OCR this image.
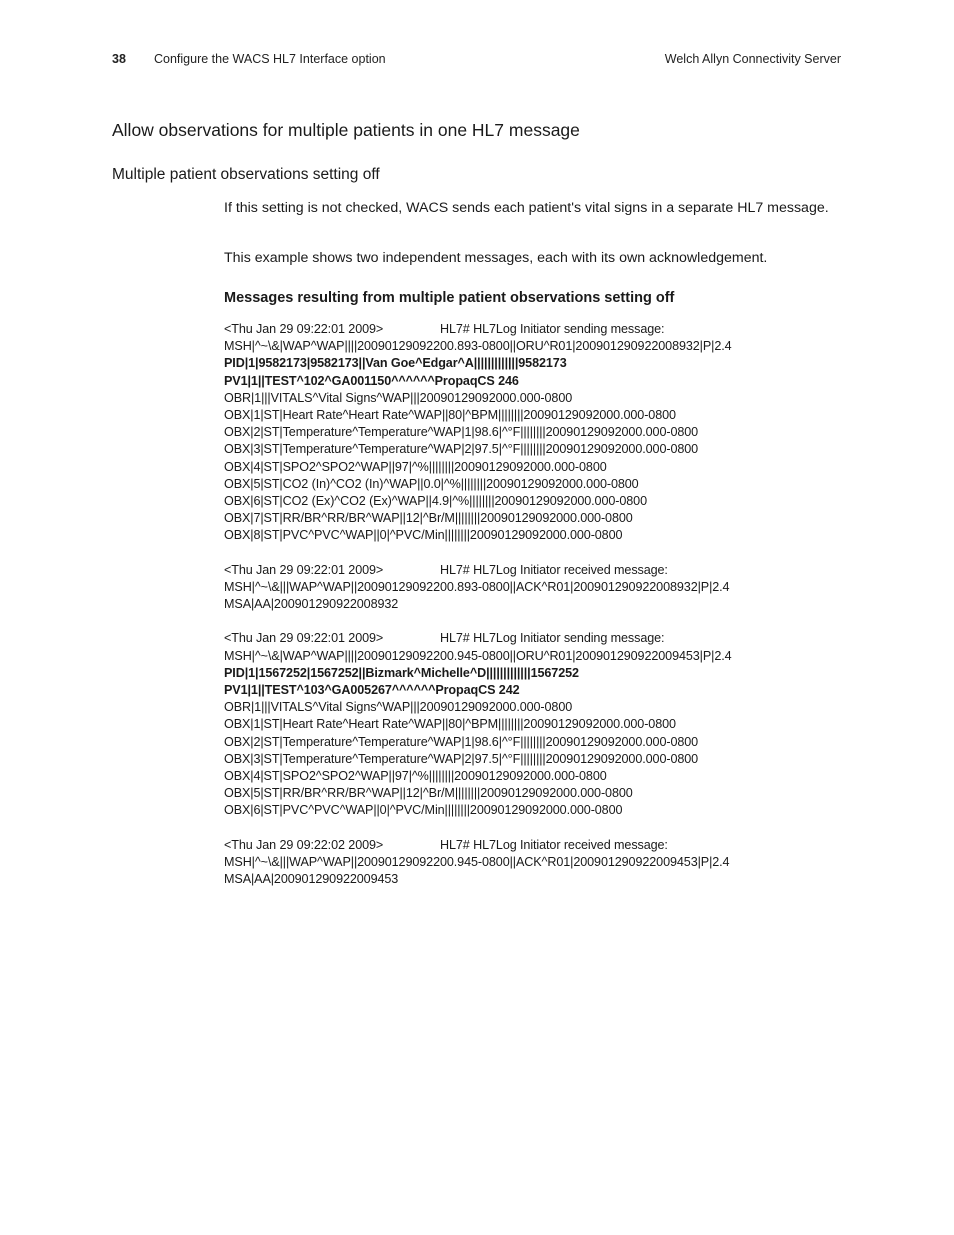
38 Configure the WACS HL7 Interface option	Welch Allyn Connectivity Server
Allow observations for multiple patients in one HL7 message
Multiple patient observations setting off

If this setting is not checked, WACS sends each patient's vital signs in a separate HL7 message.

This example shows two independent messages, each with its own acknowledgement.

Messages resulting from multiple patient observations setting off
<Thu Jan 29 09:22:01 2009>	HL7# HL7Log Initiator sending message:
MSH|^~\&|WAP^WAP||||20090129092200.893-0800||ORU^R01|200901290922008932|P|2.4
PID|1|9582173|9582173||Van Goe^Edgar^A|||||||||||||9582173
PV1|1||TEST^102^GA001150^^^^^^PropaqCS 246
OBR|1|||VITALS^Vital Signs^WAP|||20090129092000.000-0800
OBX|1|ST|Heart Rate^Heart Rate^WAP||80|^BPM||||||||20090129092000.000-0800
OBX|2|ST|Temperature^Temperature^WAP|1|98.6|^°F||||||||20090129092000.000-0800
OBX|3|ST|Temperature^Temperature^WAP|2|97.5|^°F||||||||20090129092000.000-0800
OBX|4|ST|SPO2^SPO2^WAP||97|^%||||||||20090129092000.000-0800
OBX|5|ST|CO2 (In)^CO2 (In)^WAP||0.0|^%||||||||20090129092000.000-0800
OBX|6|ST|CO2 (Ex)^CO2 (Ex)^WAP||4.9|^%||||||||20090129092000.000-0800
OBX|7|ST|RR/BR^RR/BR^WAP||12|^Br/M||||||||20090129092000.000-0800
OBX|8|ST|PVC^PVC^WAP||0|^PVC/Min||||||||20090129092000.000-0800
<Thu Jan 29 09:22:01 2009>	HL7# HL7Log Initiator received message:
MSH|^~\&|||WAP^WAP||20090129092200.893-0800||ACK^R01|200901290922008932|P|2.4
MSA|AA|200901290922008932
<Thu Jan 29 09:22:01 2009>	HL7# HL7Log Initiator sending message:
MSH|^~\&|WAP^WAP||||20090129092200.945-0800||ORU^R01|200901290922009453|P|2.4
PID|1|1567252|1567252||Bizmark^Michelle^D|||||||||||||1567252
PV1|1||TEST^103^GA005267^^^^^^PropaqCS 242
OBR|1|||VITALS^Vital Signs^WAP|||20090129092000.000-0800
OBX|1|ST|Heart Rate^Heart Rate^WAP||80|^BPM||||||||20090129092000.000-0800
OBX|2|ST|Temperature^Temperature^WAP|1|98.6|^°F||||||||20090129092000.000-0800
OBX|3|ST|Temperature^Temperature^WAP|2|97.5|^°F||||||||20090129092000.000-0800
OBX|4|ST|SPO2^SPO2^WAP||97|^%||||||||20090129092000.000-0800
OBX|5|ST|RR/BR^RR/BR^WAP||12|^Br/M||||||||20090129092000.000-0800
OBX|6|ST|PVC^PVC^WAP||0|^PVC/Min||||||||20090129092000.000-0800
<Thu Jan 29 09:22:02 2009>	HL7# HL7Log Initiator received message:
MSH|^~\&|||WAP^WAP||20090129092200.945-0800||ACK^R01|200901290922009453|P|2.4
MSA|AA|200901290922009453
